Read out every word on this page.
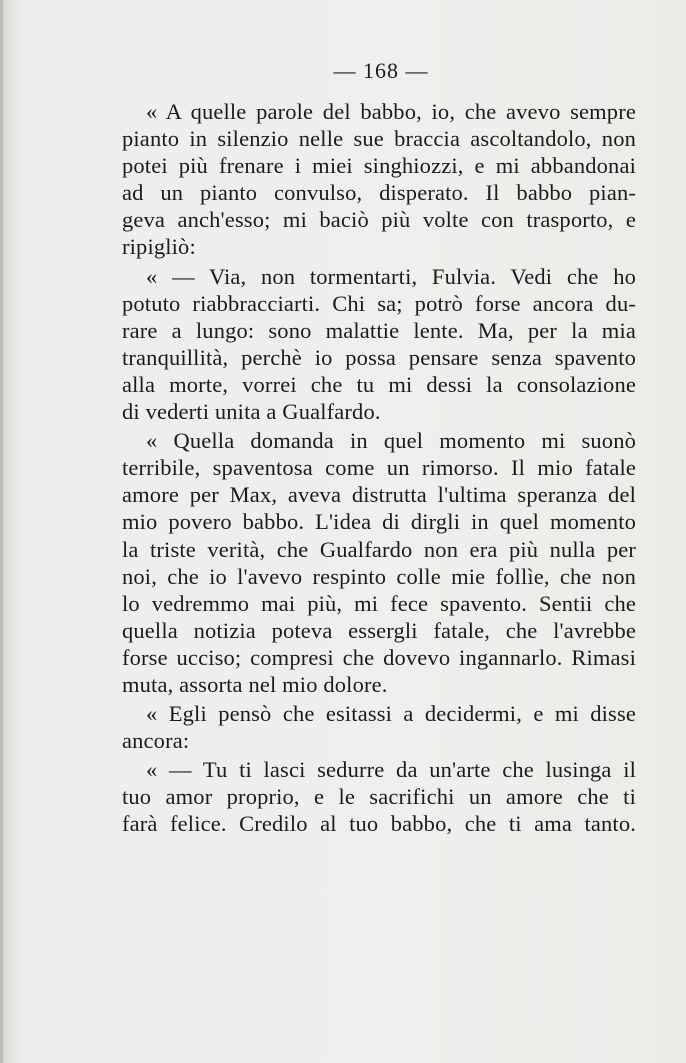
— 168 —
« A quelle parole del babbo, io, che avevo sempre
pianto in silenzio nelle sue braccia ascoltandolo, non
potei più frenare i miei singhiozzi, e mi abbandonai
ad un pianto convulso, disperato. Il babbo pian-
geva anch'esso; mi baciò più volte con trasporto, e
ripigliò:
« — Via, non tormentarti, Fulvia. Vedi che ho
potuto riabbracciarti. Chi sa; potrò forse ancora du-
rare a lungo: sono malattie lente. Ma, per la mia
tranquillità, perchè io possa pensare senza spavento
alla morte, vorrei che tu mi dessi la consolazione
di vederti unita a Gualfardo.
« Quella domanda in quel momento mi suonò
terribile, spaventosa come un rimorso. Il mio fatale
amore per Max, aveva distrutta l'ultima speranza del
mio povero babbo. L'idea di dirgli in quel momento
la triste verità, che Gualfardo non era più nulla per
noi, che io l'avevo respinto colle mie follìe, che non
lo vedremmo mai più, mi fece spavento. Sentii che
quella notizia poteva essergli fatale, che l'avrebbe
forse ucciso; compresi che dovevo ingannarlo. Rimasi
muta, assorta nel mio dolore.
« Egli pensò che esitassi a decidermi, e mi disse
ancora:
« — Tu ti lasci sedurre da un'arte che lusinga il
tuo amor proprio, e le sacrifichi un amore che ti
farà felice. Credilo al tuo babbo, che ti ama tanto.
